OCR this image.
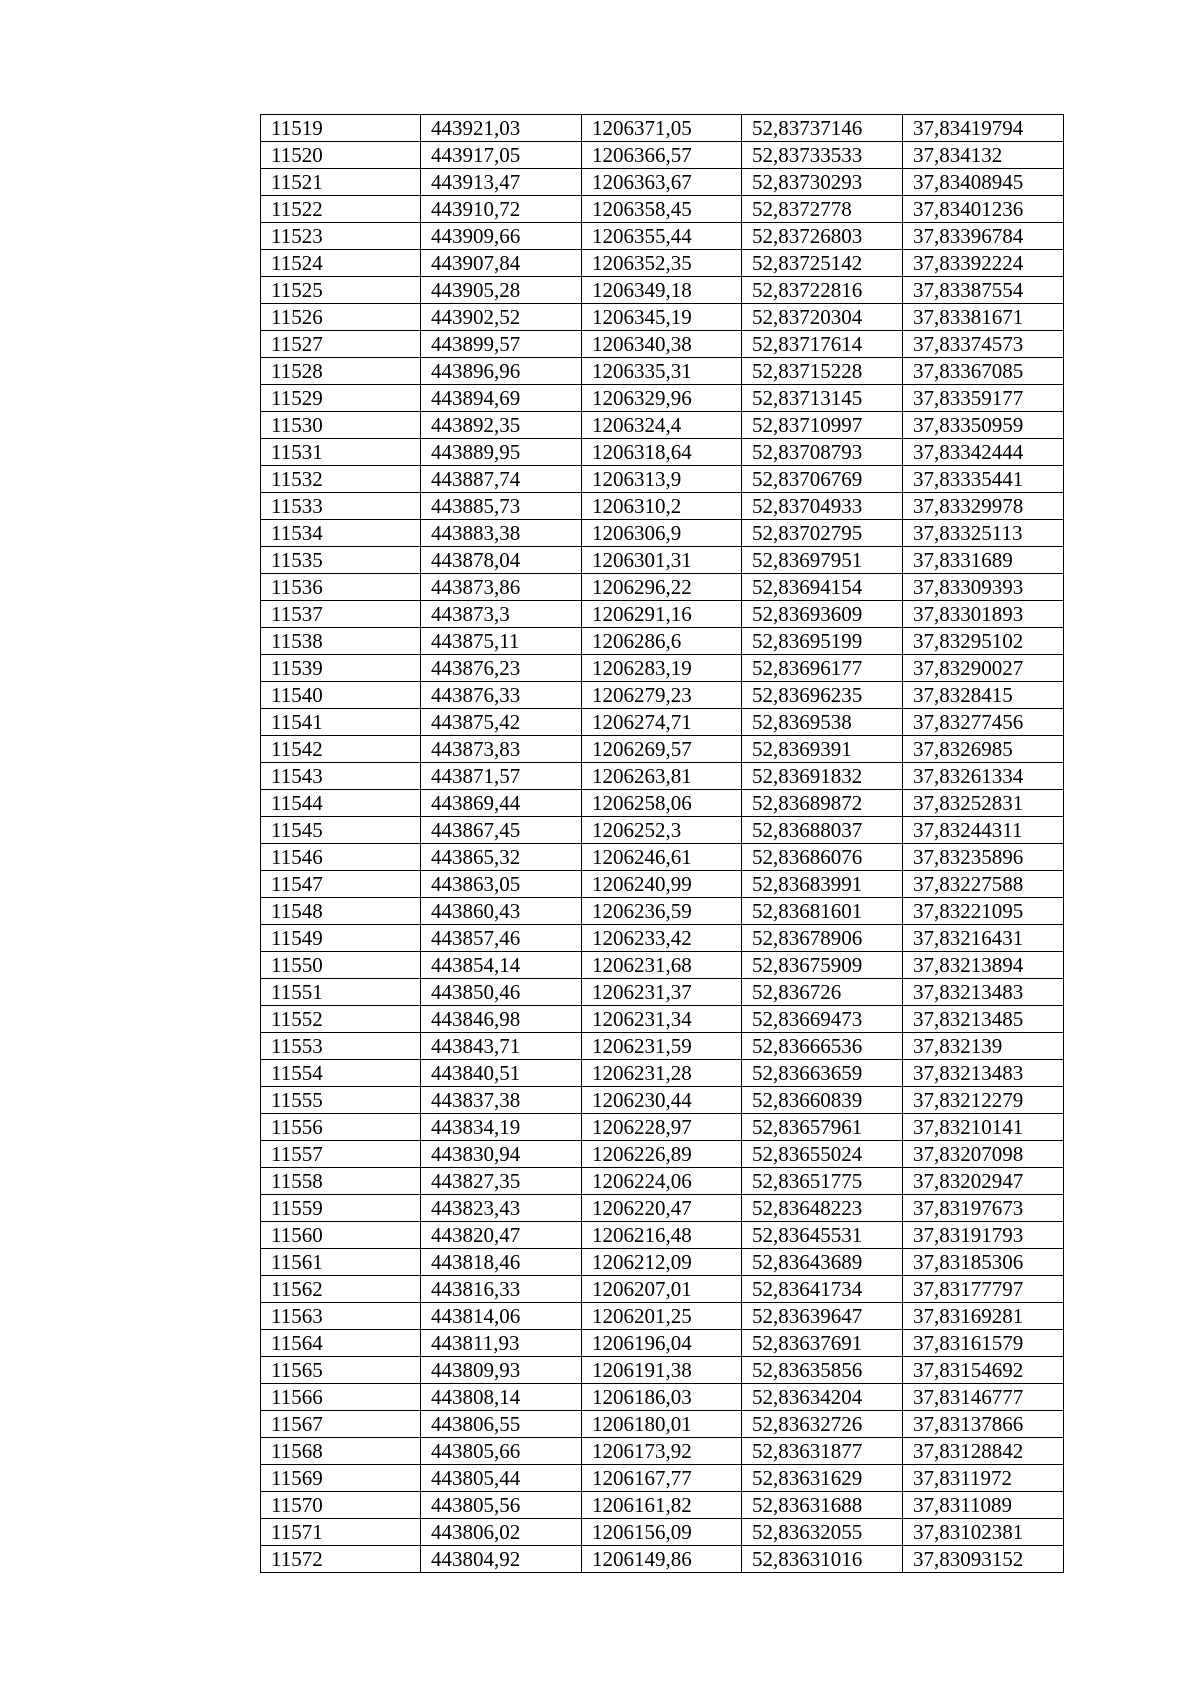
11519	443921,03	1206371,05	52,83737146	37,83419794
11520	443917,05	1206366,57	52,83733533	37,834132
11521	443913,47	1206363,67	52,83730293	37,83408945
11522	443910,72	1206358,45	52,8372778	37,83401236
11523	443909,66	1206355,44	52,83726803	37,83396784
11524	443907,84	1206352,35	52,83725142	37,83392224
11525	443905,28	1206349,18	52,83722816	37,83387554
11526	443902,52	1206345,19	52,83720304	37,83381671
11527	443899,57	1206340,38	52,83717614	37,83374573
11528	443896,96	1206335,31	52,83715228	37,83367085
11529	443894,69	1206329,96	52,83713145	37,83359177
11530	443892,35	1206324,4	52,83710997	37,83350959
11531	443889,95	1206318,64	52,83708793	37,83342444
11532	443887,74	1206313,9	52,83706769	37,83335441
11533	443885,73	1206310,2	52,83704933	37,83329978
11534	443883,38	1206306,9	52,83702795	37,83325113
11535	443878,04	1206301,31	52,83697951	37,8331689
11536	443873,86	1206296,22	52,83694154	37,83309393
11537	443873,3	1206291,16	52,83693609	37,83301893
11538	443875,11	1206286,6	52,83695199	37,83295102
11539	443876,23	1206283,19	52,83696177	37,83290027
11540	443876,33	1206279,23	52,83696235	37,8328415
11541	443875,42	1206274,71	52,8369538	37,83277456
11542	443873,83	1206269,57	52,8369391	37,8326985
11543	443871,57	1206263,81	52,83691832	37,83261334
11544	443869,44	1206258,06	52,83689872	37,83252831
11545	443867,45	1206252,3	52,83688037	37,83244311
11546	443865,32	1206246,61	52,83686076	37,83235896
11547	443863,05	1206240,99	52,83683991	37,83227588
11548	443860,43	1206236,59	52,83681601	37,83221095
11549	443857,46	1206233,42	52,83678906	37,83216431
11550	443854,14	1206231,68	52,83675909	37,83213894
11551	443850,46	1206231,37	52,836726	37,83213483
11552	443846,98	1206231,34	52,83669473	37,83213485
11553	443843,71	1206231,59	52,83666536	37,832139
11554	443840,51	1206231,28	52,83663659	37,83213483
11555	443837,38	1206230,44	52,83660839	37,83212279
11556	443834,19	1206228,97	52,83657961	37,83210141
11557	443830,94	1206226,89	52,83655024	37,83207098
11558	443827,35	1206224,06	52,83651775	37,83202947
11559	443823,43	1206220,47	52,83648223	37,83197673
11560	443820,47	1206216,48	52,83645531	37,83191793
11561	443818,46	1206212,09	52,83643689	37,83185306
11562	443816,33	1206207,01	52,83641734	37,83177797
11563	443814,06	1206201,25	52,83639647	37,83169281
11564	443811,93	1206196,04	52,83637691	37,83161579
11565	443809,93	1206191,38	52,83635856	37,83154692
11566	443808,14	1206186,03	52,83634204	37,83146777
11567	443806,55	1206180,01	52,83632726	37,83137866
11568	443805,66	1206173,92	52,83631877	37,83128842
11569	443805,44	1206167,77	52,83631629	37,8311972
11570	443805,56	1206161,82	52,83631688	37,8311089
11571	443806,02	1206156,09	52,83632055	37,83102381
11572	443804,92	1206149,86	52,83631016	37,83093152
